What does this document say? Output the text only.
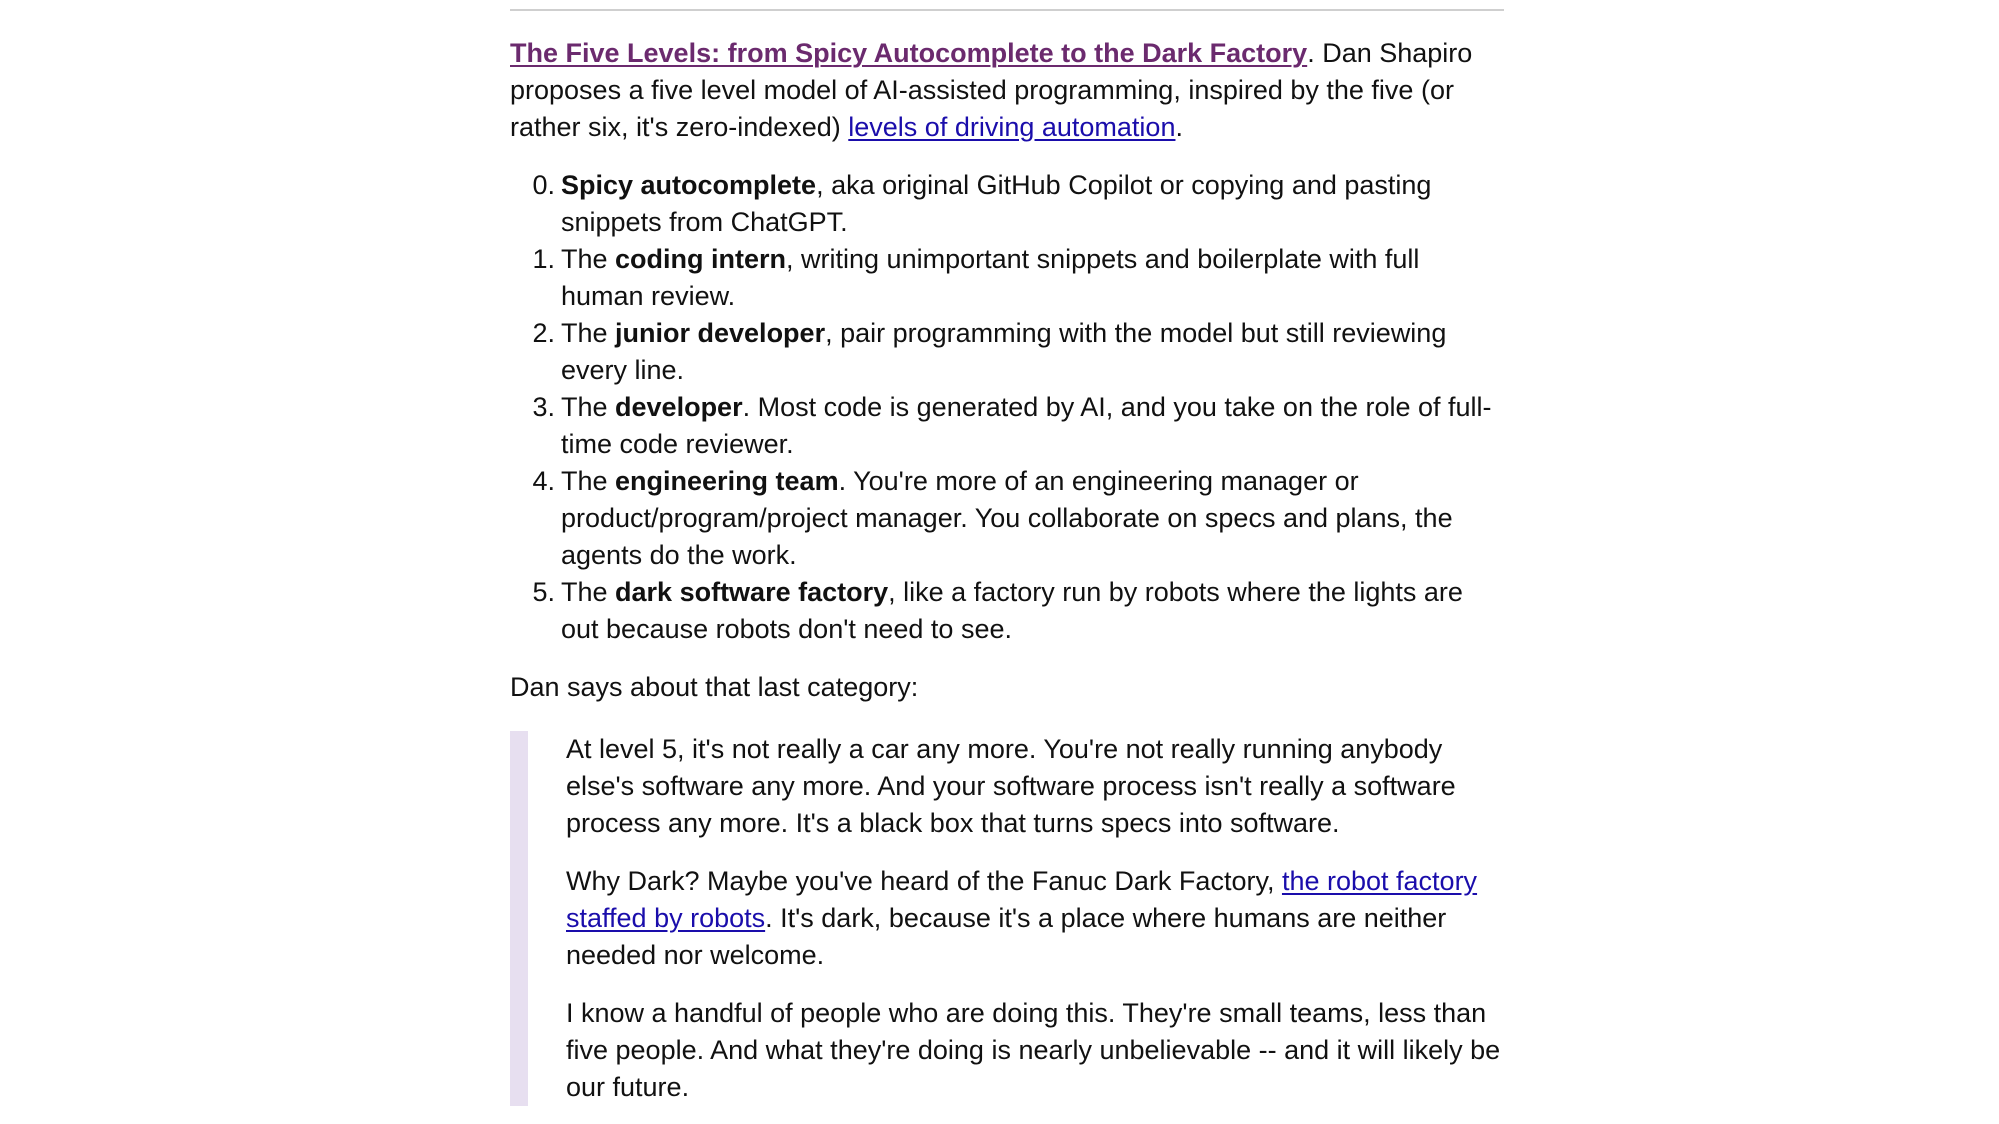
The Five Levels: from Spicy Autocomplete to the Dark Factory. Dan Shapiro proposes a five level model of AI-assisted programming, inspired by the five (or rather six, it's zero-indexed) levels of driving automation.

0. Spicy autocomplete, aka original GitHub Copilot or copying and pasting snippets from ChatGPT.
1. The coding intern, writing unimportant snippets and boilerplate with full human review.
2. The junior developer, pair programming with the model but still reviewing every line.
3. The developer. Most code is generated by AI, and you take on the role of full-time code reviewer.
4. The engineering team. You're more of an engineering manager or product/program/project manager. You collaborate on specs and plans, the agents do the work.
5. The dark software factory, like a factory run by robots where the lights are out because robots don't need to see.

Dan says about that last category:

At level 5, it's not really a car any more. You're not really running anybody else's software any more. And your software process isn't really a software process any more. It's a black box that turns specs into software.

Why Dark? Maybe you've heard of the Fanuc Dark Factory, the robot factory staffed by robots. It's dark, because it's a place where humans are neither needed nor welcome.

I know a handful of people who are doing this. They're small teams, less than five people. And what they're doing is nearly unbelievable -- and it will likely be our future.
